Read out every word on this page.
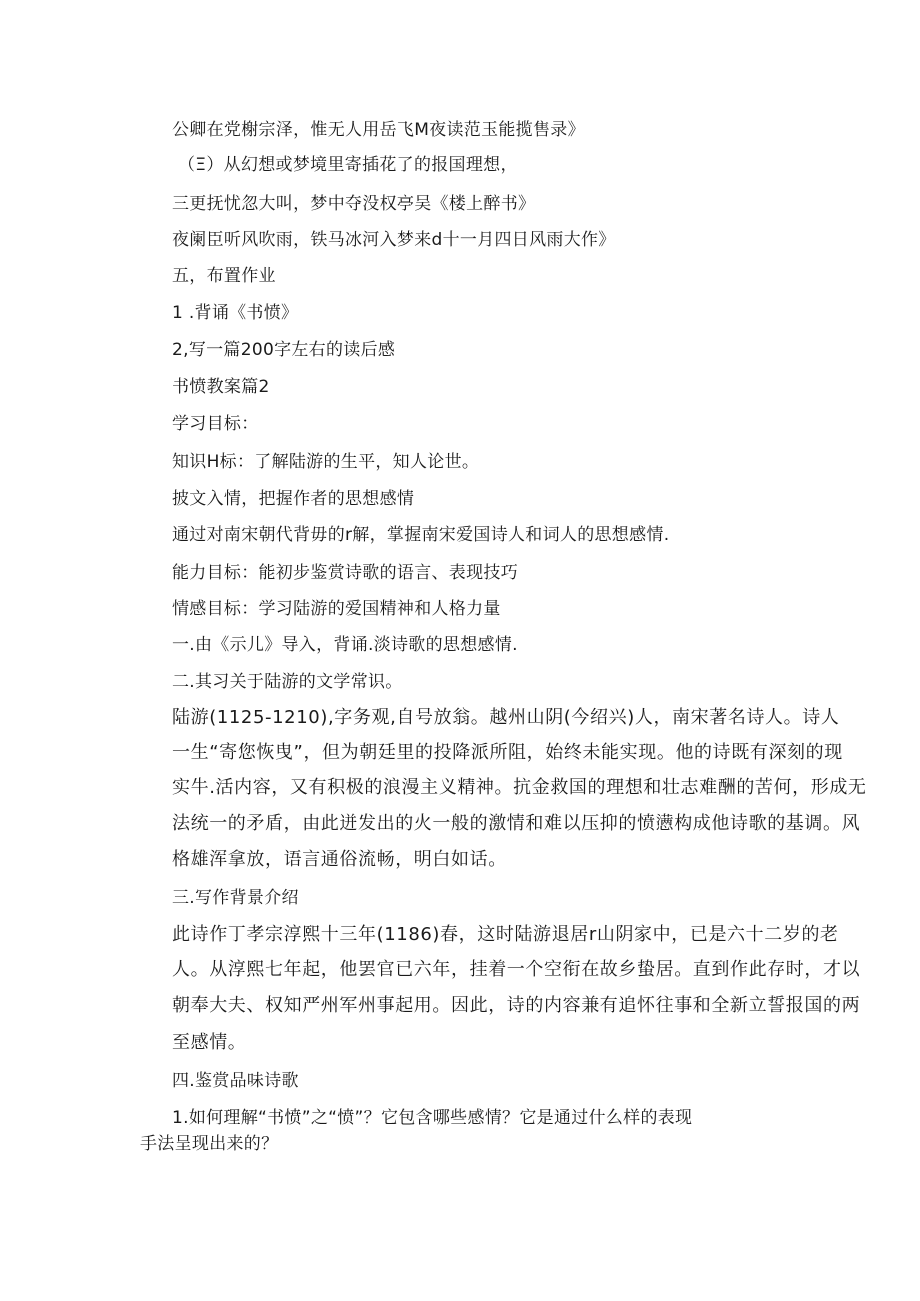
公卿在党榭宗泽，惟无人用岳飞M夜读范玉能揽售录》
（Ξ）从幻想或梦境里寄插花了的报国理想，
三更抚忧忽大叫，梦中夺没权亭吴《楼上醉书》
夜阑臣听风吹雨，铁马冰河入梦来d十一月四日风雨大作》
五，布置作业
1 .背诵《书愤》
2,写一篇200字左右的读后感
书愤教案篇2
学习目标：
知识H标：了解陆游的生平，知人论世。
披文入情，把握作者的思想感情
通过对南宋朝代背毋的r解，掌握南宋爱国诗人和词人的思想感情.
能力目标：能初步鉴赏诗歌的语言、表现技巧
情感目标：学习陆游的爱国精神和人格力量
一.由《示儿》导入，背诵.淡诗歌的思想感情.
二.其习关于陆游的文学常识。
陆游(1125-1210),字务观,自号放翁。越州山阴(今绍兴)人，南宋著名诗人。诗人
一生“寄您恢曳”，但为朝廷里的投降派所阻，始终未能实现。他的诗既有深刻的现
实牛.活内容，又有积极的浪漫主义精神。抗金救国的理想和壮志难酬的苦何，形成无
法统一的矛盾，由此迸发出的火一般的激情和难以压抑的愤懑构成他诗歌的基调。风
格雄浑拿放，语言通俗流畅，明白如话。
三.写作背景介绍
此诗作丁孝宗淳熙十三年(1186)春，这时陆游退居r山阴家中，已是六十二岁的老
人。从淳熙七年起，他罢官已六年，挂着一个空衔在故乡蛰居。直到作此存时，才以
朝奉大夫、权知严州军州事起用。因此，诗的内容兼有追怀往事和全新立誓报国的两
至感情。
四.鉴赏品味诗歌
1.如何理解“书愤”之“愤”？它包含哪些感情？它是通过什么样的表现
手法呈现出来的？
